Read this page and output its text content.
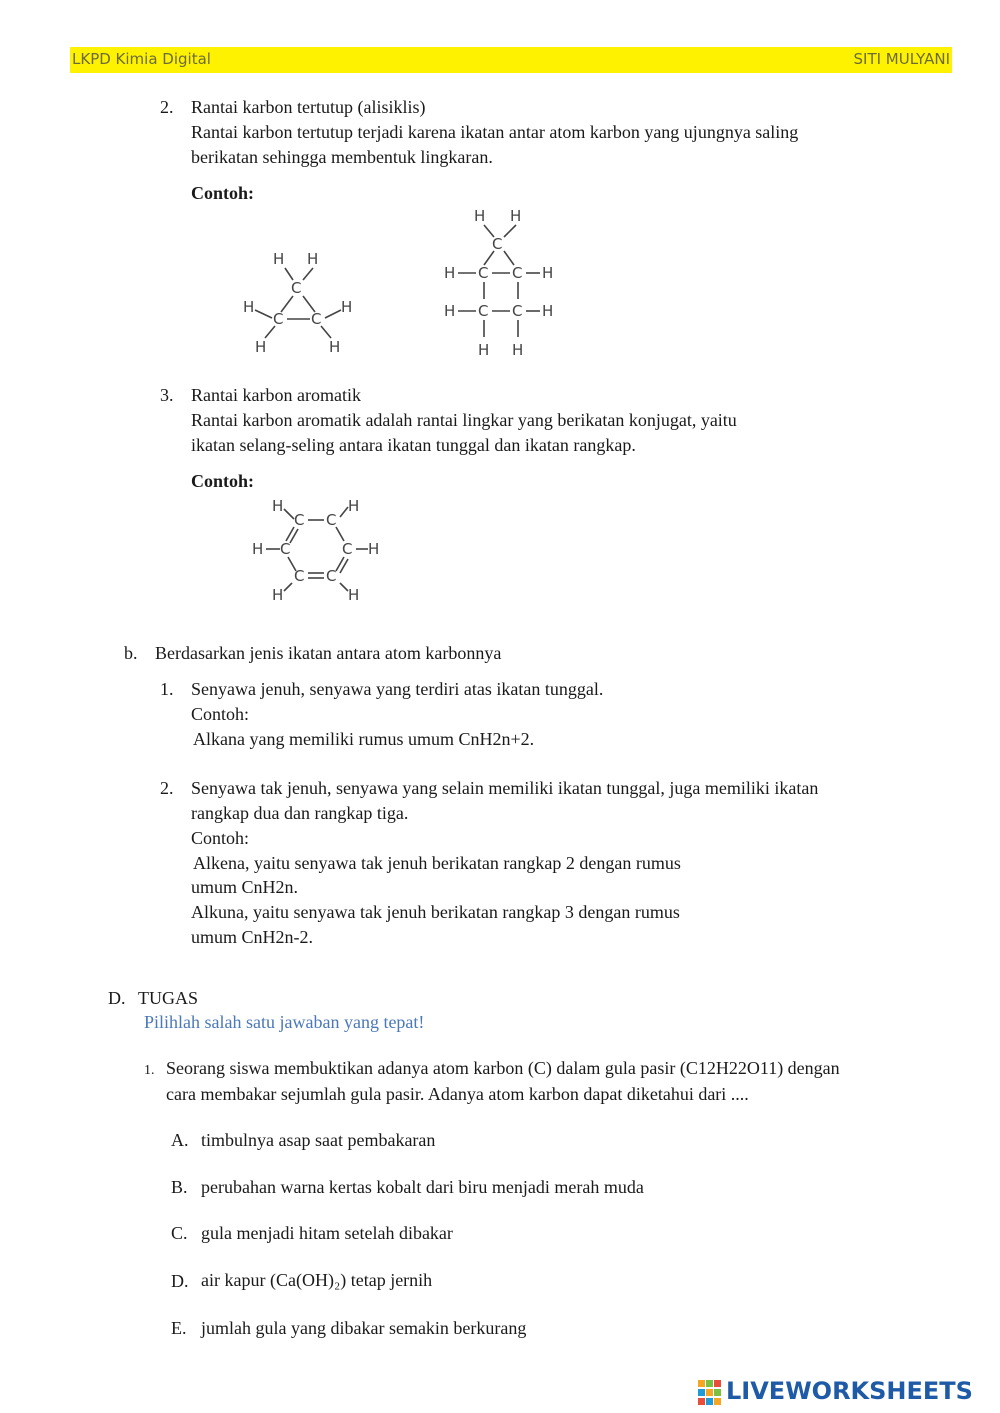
LKPD Kimia Digital	SITI MULYANI
2. Rantai karbon tertutup (alisiklis)
Rantai karbon tertutup terjadi karena ikatan antar atom karbon yang ujungnya saling
berikatan sehingga membentuk lingkaran.
Contoh:
H H
C
C C
H	H
H	H
H H
C
H C C H
H C C H
H H
3. Rantai karbon aromatik
Rantai karbon aromatik adalah rantai lingkar yang berikatan konjugat, yaitu
ikatan selang-seling antara ikatan tunggal dan ikatan rangkap.
Contoh:
H
C C
H
H C	C H
C C
H	H
b. Berdasarkan jenis ikatan antara atom karbonnya
1. Senyawa jenuh, senyawa yang terdiri atas ikatan tunggal.
Contoh:
Alkana yang memiliki rumus umum CnH2n+2.
2. Senyawa tak jenuh, senyawa yang selain memiliki ikatan tunggal, juga memiliki ikatan
rangkap dua dan rangkap tiga.
Contoh:
Alkena, yaitu senyawa tak jenuh berikatan rangkap 2 dengan rumus
umum CnH2n.
Alkuna, yaitu senyawa tak jenuh berikatan rangkap 3 dengan rumus
umum CnH2n-2.
D. TUGAS
Pilihlah salah satu jawaban yang tepat!
1. Seorang siswa membuktikan adanya atom karbon (C) dalam gula pasir (C12H22O11) dengan
cara membakar sejumlah gula pasir. Adanya atom karbon dapat diketahui dari ....
A. timbulnya asap saat pembakaran
B. perubahan warna kertas kobalt dari biru menjadi merah muda
C. gula menjadi hitam setelah dibakar
D. air kapur (Ca(OH)₂) tetap jernih
E. jumlah gula yang dibakar semakin berkurang
LIVEWORKSHEETS
